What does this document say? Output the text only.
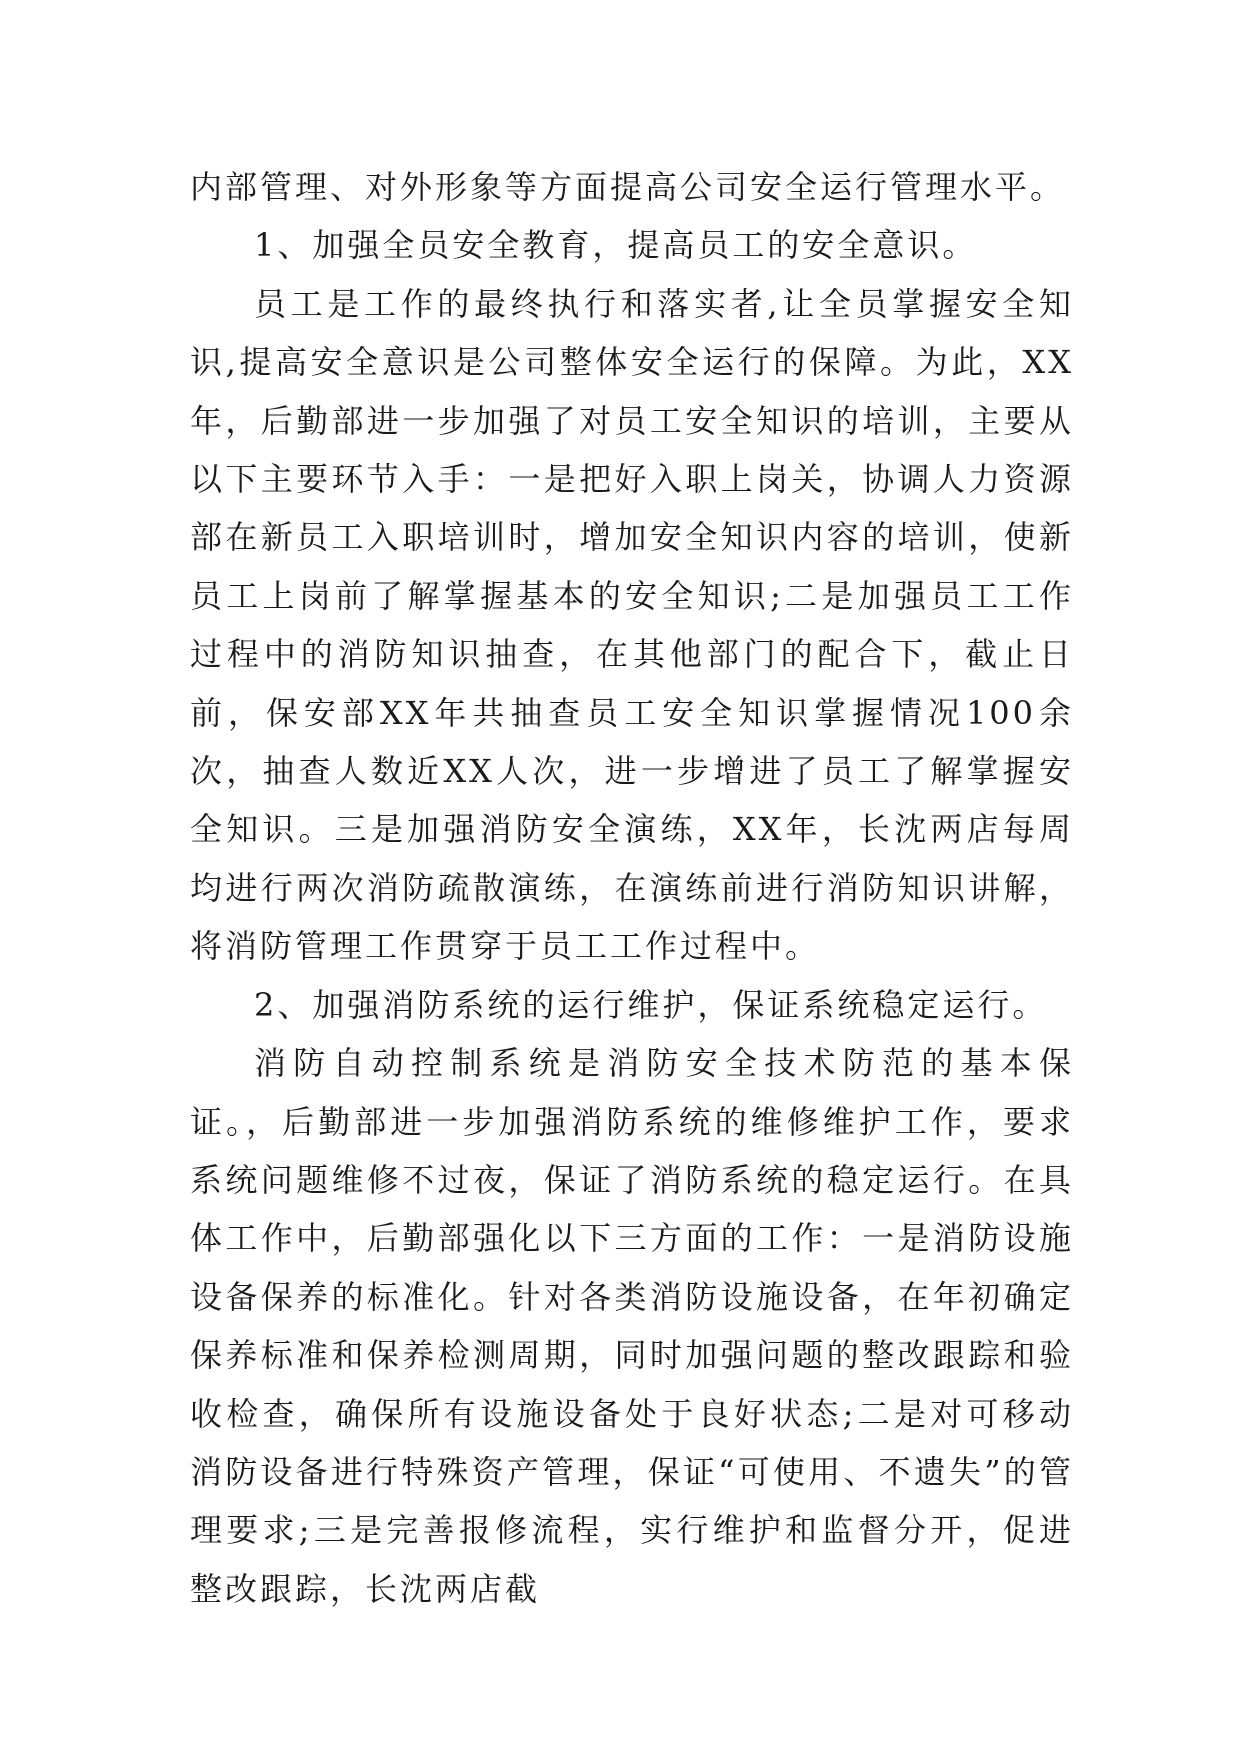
内部管理、对外形象等方面提高公司安全运行管理水平。

1、加强全员安全教育，提高员工的安全意识。

员工是工作的最终执行和落实者,让全员掌握安全知识,提高安全意识是公司整体安全运行的保障。为此，XX年，后勤部进一步加强了对员工安全知识的培训，主要从以下主要环节入手：一是把好入职上岗关，协调人力资源部在新员工入职培训时，增加安全知识内容的培训，使新员工上岗前了解掌握基本的安全知识;二是加强员工工作过程中的消防知识抽查，在其他部门的配合下，截止日前，保安部XX年共抽查员工安全知识掌握情况100余次，抽查人数近XX人次，进一步增进了员工了解掌握安全知识。三是加强消防安全演练，XX年，长沈两店每周均进行两次消防疏散演练，在演练前进行消防知识讲解，将消防管理工作贯穿于员工工作过程中。

2、加强消防系统的运行维护，保证系统稳定运行。

消防自动控制系统是消防安全技术防范的基本保证。，后勤部进一步加强消防系统的维修维护工作，要求系统问题维修不过夜，保证了消防系统的稳定运行。在具体工作中，后勤部强化以下三方面的工作：一是消防设施设备保养的标准化。针对各类消防设施设备，在年初确定保养标准和保养检测周期，同时加强问题的整改跟踪和验收检查，确保所有设施设备处于良好状态;二是对可移动消防设备进行特殊资产管理，保证“可使用、不遗失”的管理要求;三是完善报修流程，实行维护和监督分开，促进整改跟踪，长沈两店截
